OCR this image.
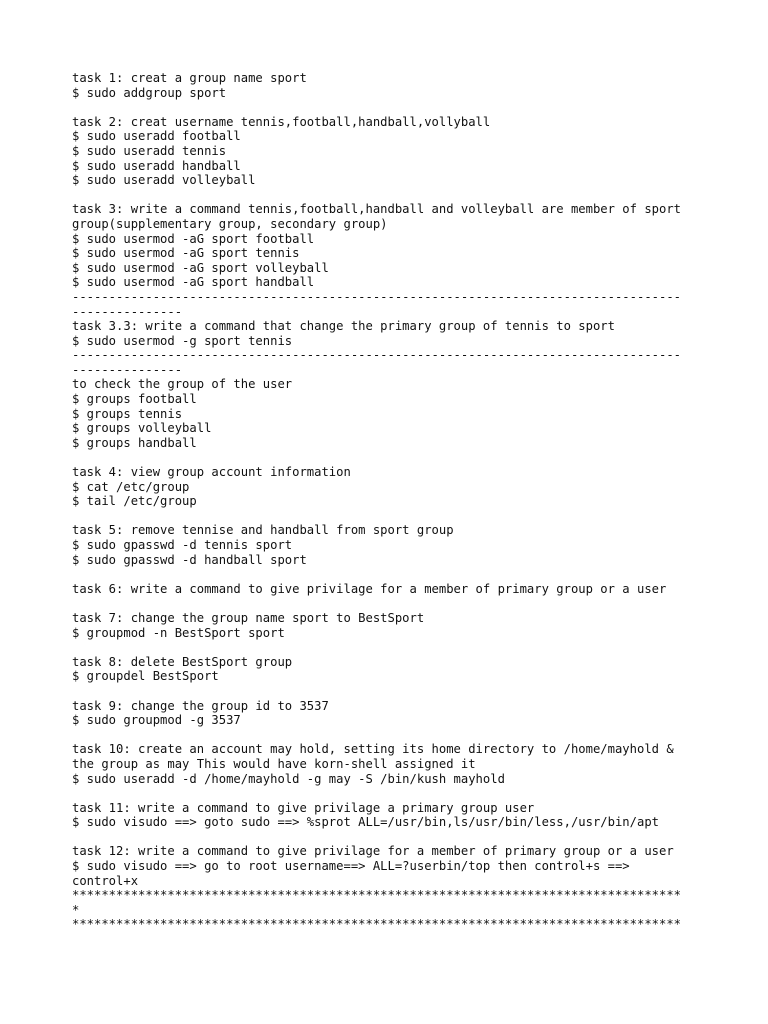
task 1: creat a group name sport
$ sudo addgroup sport
task 2: creat username tennis,football,handball,vollyball
$ sudo useradd football
$ sudo useradd tennis
$ sudo useradd handball
$ sudo useradd volleyball
task 3: write a command tennis,football,handball and volleyball are member of sport
group(supplementary group, secondary group)
$ sudo usermod -aG sport football
$ sudo usermod -aG sport tennis
$ sudo usermod -aG sport volleyball
$ sudo usermod -aG sport handball
-----------------------------------------------------------------------------------
---------------
task 3.3: write a command that change the primary group of tennis to sport
$ sudo usermod -g sport tennis
-----------------------------------------------------------------------------------
---------------
to check the group of the user
$ groups football
$ groups tennis
$ groups volleyball
$ groups handball
task 4: view group account information
$ cat /etc/group
$ tail /etc/group
task 5: remove tennise and handball from sport group
$ sudo gpasswd -d tennis sport
$ sudo gpasswd -d handball sport
task 6: write a command to give privilage for a member of primary group or a user
task 7: change the group name sport to BestSport
$ groupmod -n BestSport sport
task 8: delete BestSport group
$ groupdel BestSport
task 9: change the group id to 3537
$ sudo groupmod -g 3537
task 10: create an account may hold, setting its home directory to /home/mayhold &
the group as may This would have korn-shell assigned it
$ sudo useradd -d /home/mayhold -g may -S /bin/kush mayhold
task 11: write a command to give privilage a primary group user
$ sudo visudo ==> goto sudo ==> %sprot ALL=/usr/bin,ls/usr/bin/less,/usr/bin/apt
task 12: write a command to give privilage for a member of primary group or a user
$ sudo visudo ==> go to root username==> ALL=?userbin/top then control+s ==>
control+x
***********************************************************************************
*
***********************************************************************************
